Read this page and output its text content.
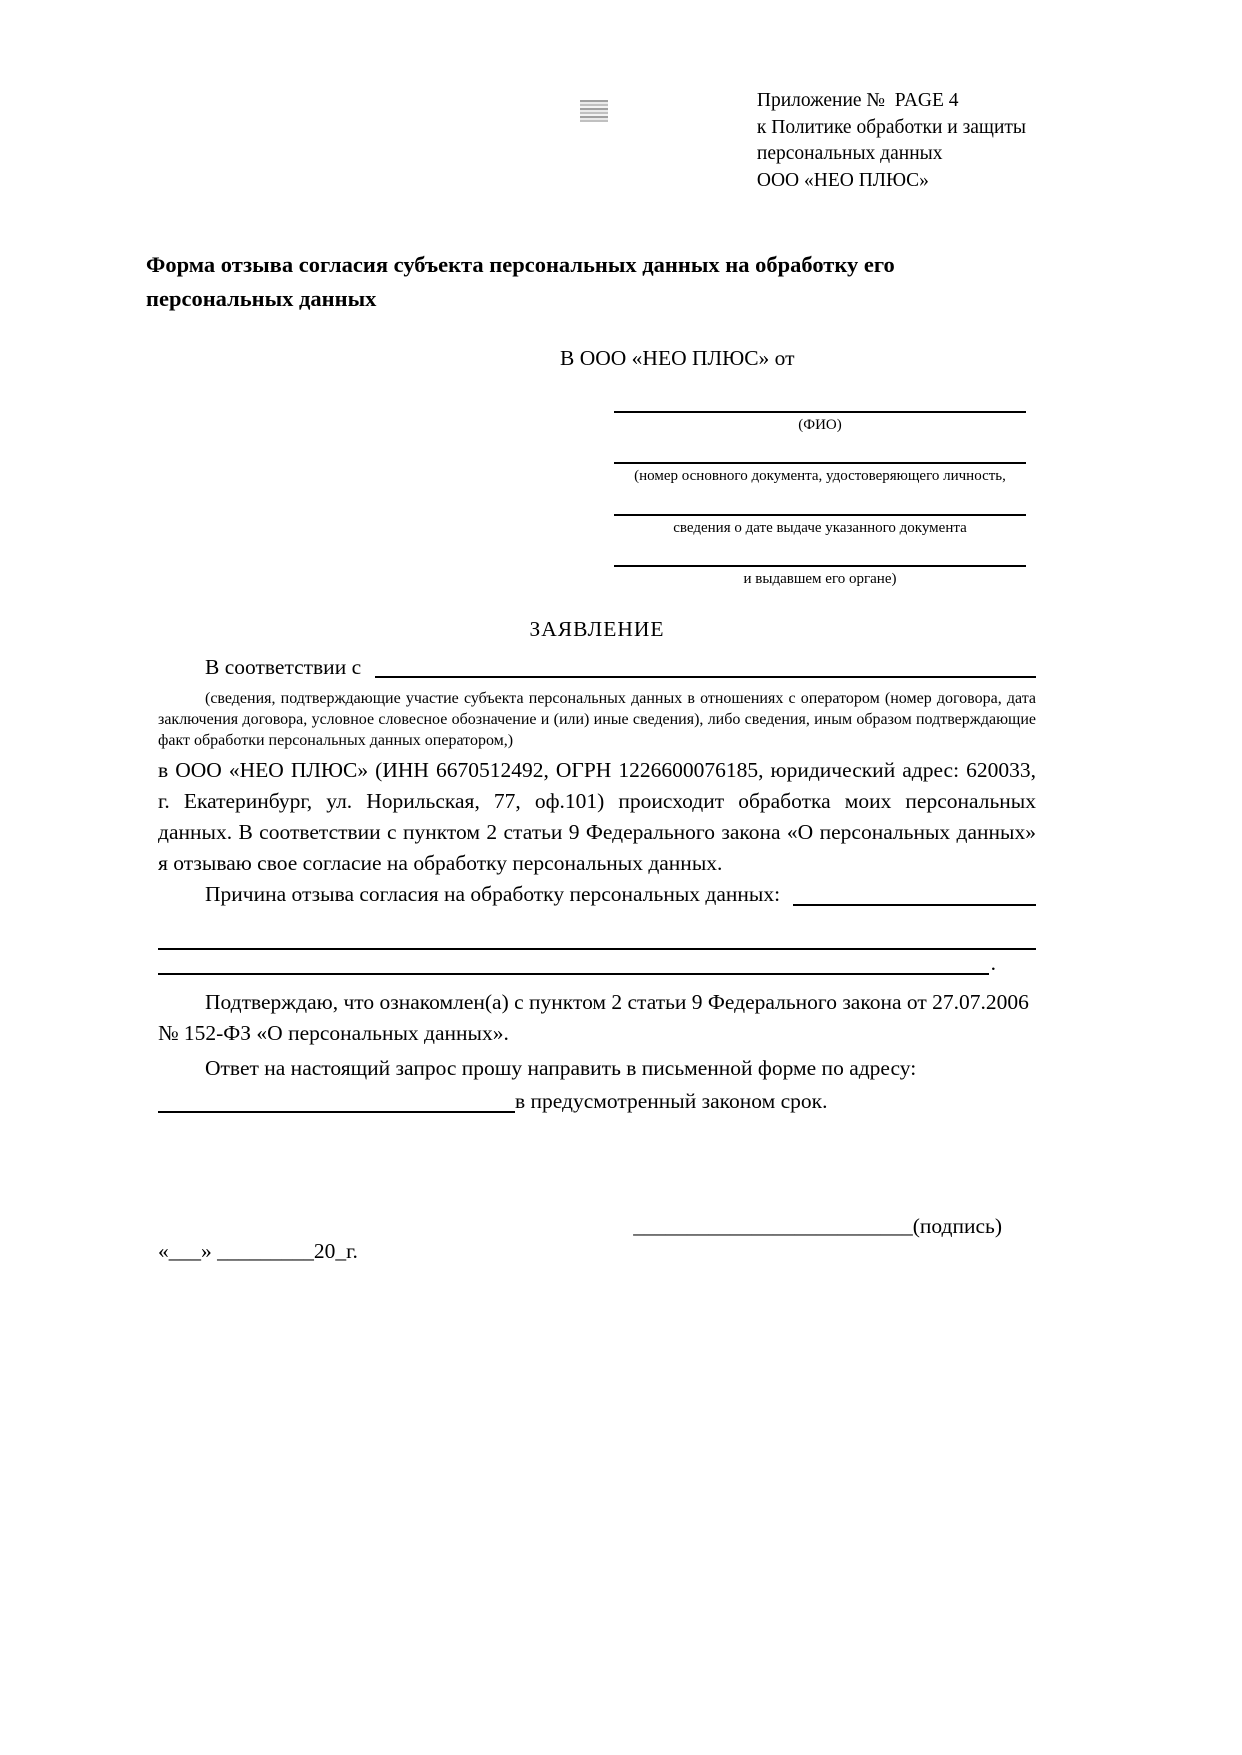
Приложение №  PAGE 4
к Политике обработки и защиты
персональных данных
ООО «НЕО ПЛЮС»
Форма отзыва согласия субъекта персональных данных на обработку его
персональных данных
В ООО «НЕО ПЛЮС» от
(ФИО)
(номер основного документа, удостоверяющего личность,
сведения о дате выдаче указанного документа
и выдавшем его органе)
ЗАЯВЛЕНИЕ
В соответствии с

(сведения, подтверждающие участие субъекта персональных данных в отношениях с оператором (номер договора, дата заключения договора, условное словесное обозначение и (или) иные сведения), либо сведения, иным образом подтверждающие факт обработки персональных данных оператором,)

в ООО «НЕО ПЛЮС» (ИНН 6670512492, ОГРН 1226600076185, юридический адрес: 620033, г. Екатеринбург, ул. Норильская, 77, оф.101) происходит обработка моих персональных данных. В соответствии с пунктом 2 статьи 9 Федерального закона «О персональных данных» я отзываю свое согласие на обработку персональных данных.

Причина отзыва согласия на обработку персональных данных:
.

Подтверждаю, что ознакомлен(а) с пунктом 2 статьи 9 Федерального закона от 27.07.2006 № 152-ФЗ «О персональных данных».

Ответ на настоящий запрос прошу направить в письменной форме по адресу:

в предусмотренный законом срок.
«___» _________20_г.

__________________________(подпись)
